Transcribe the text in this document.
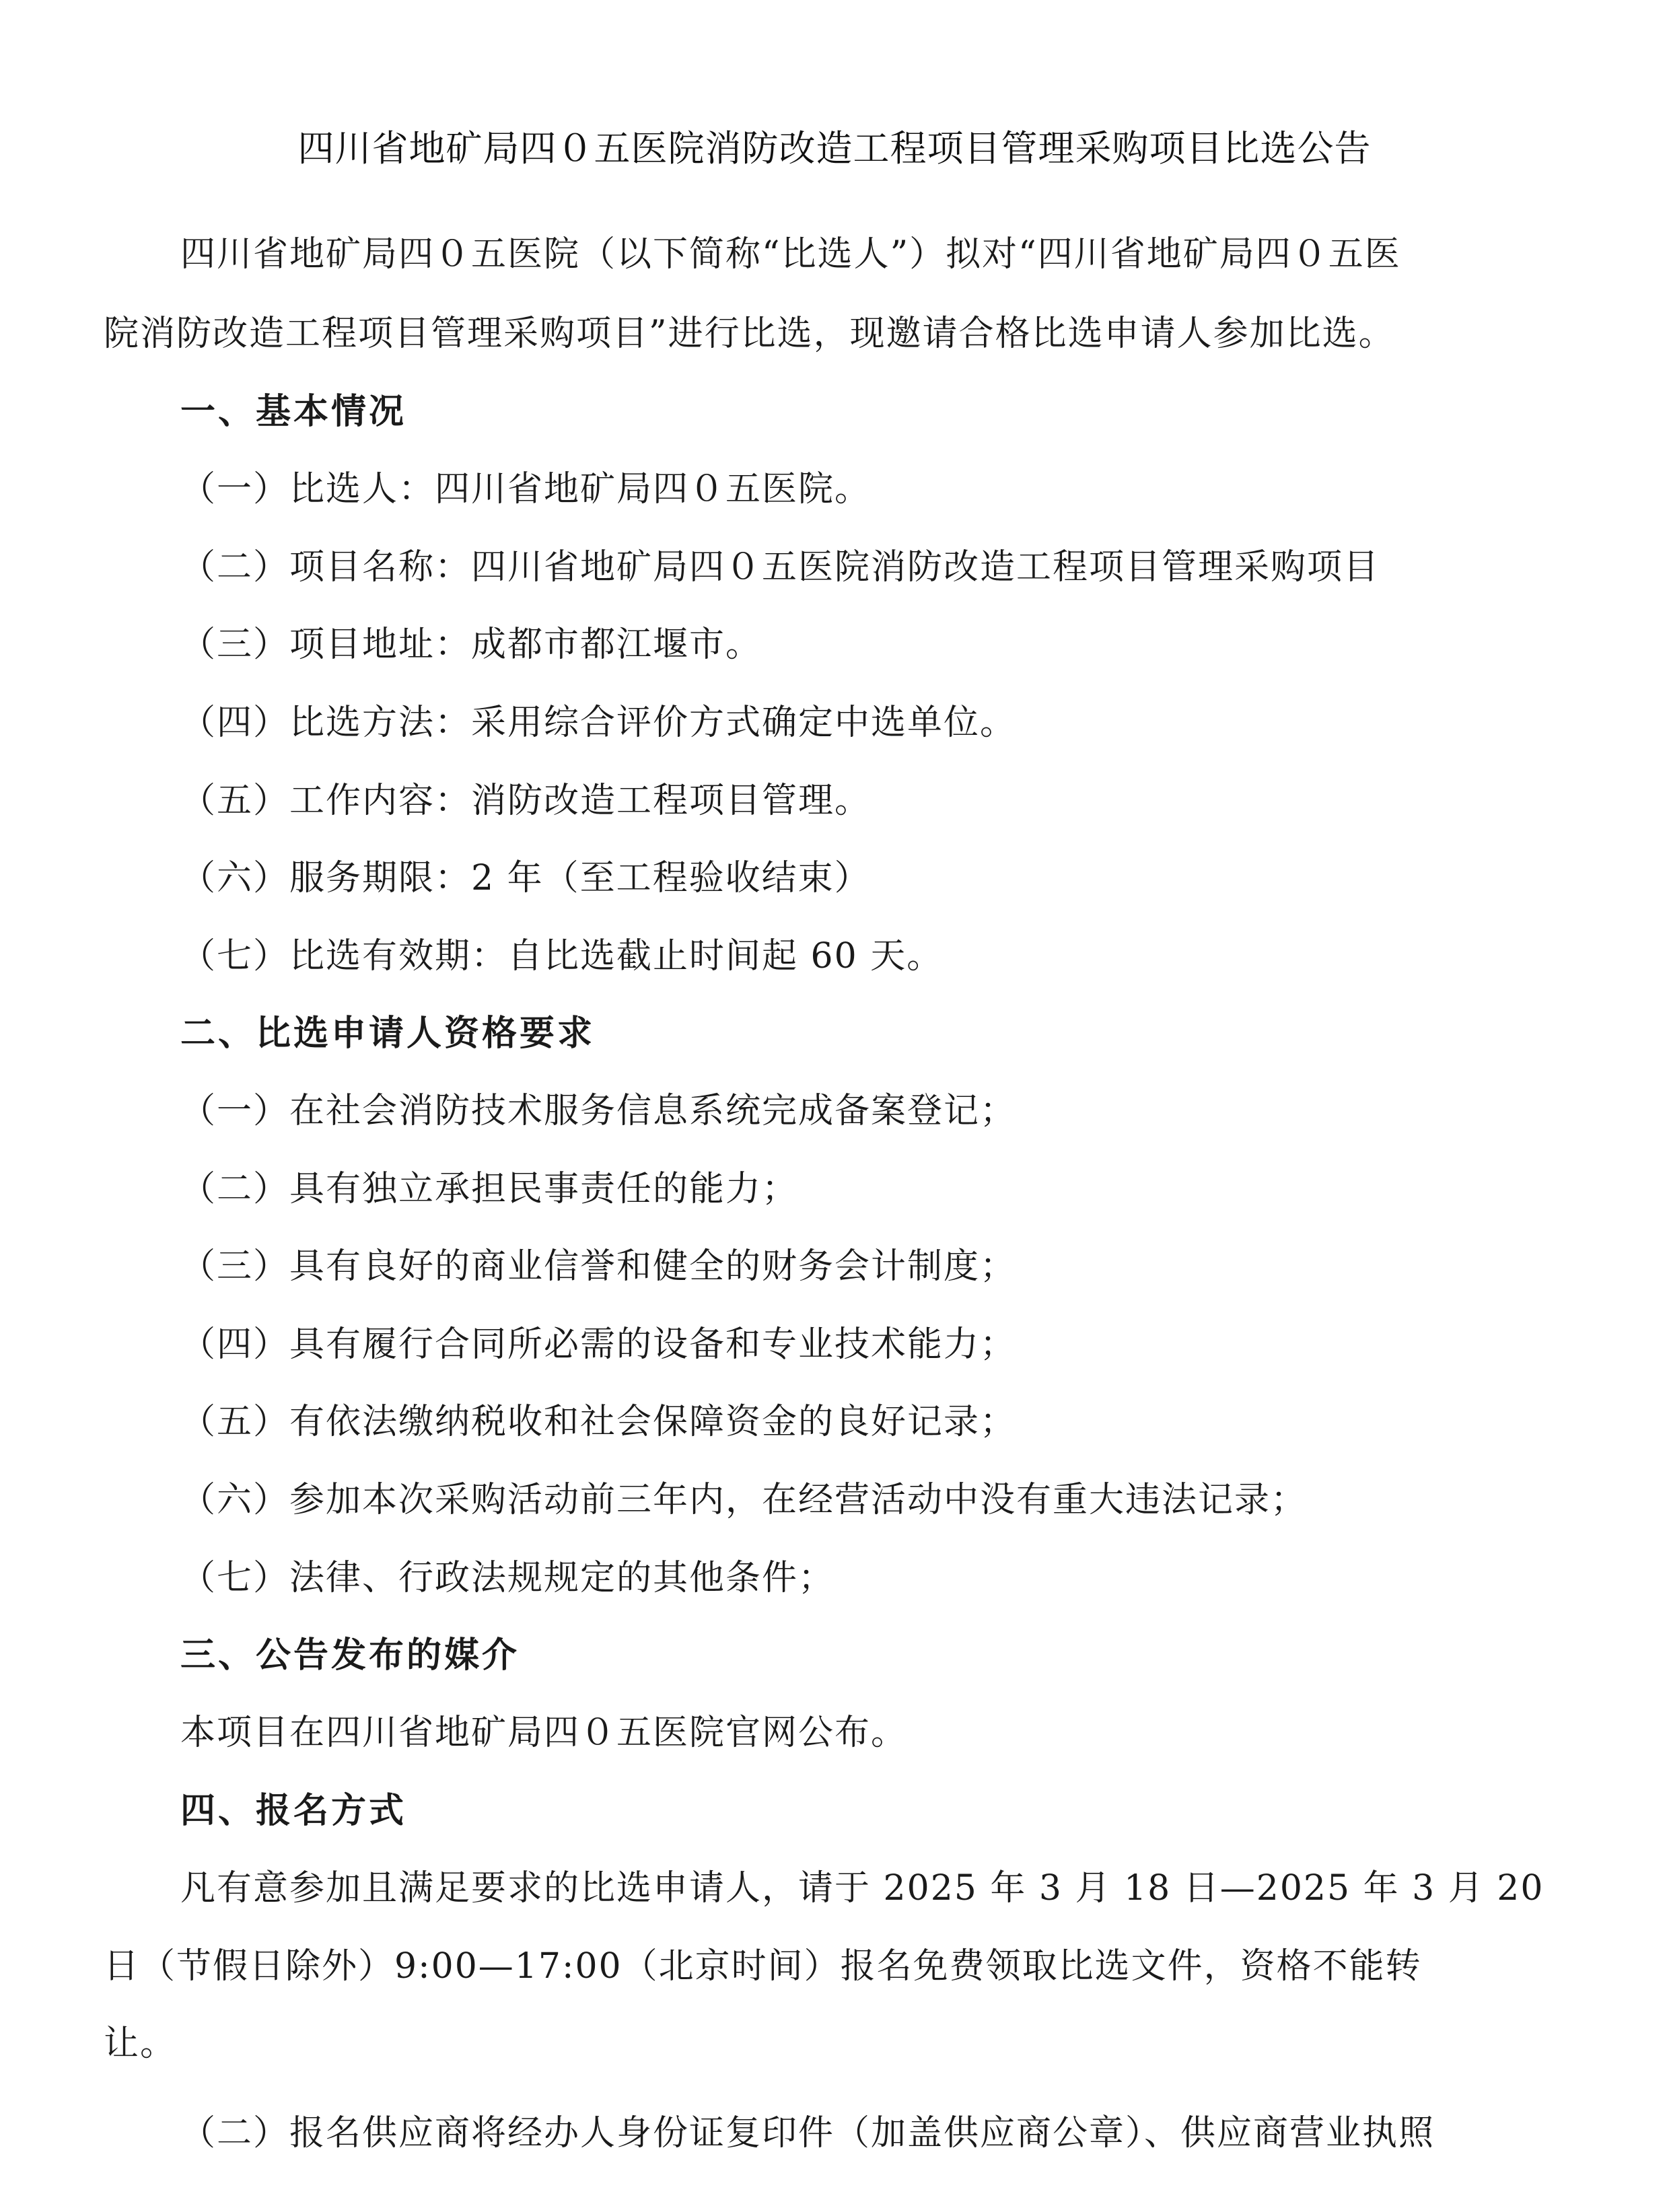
四川省地矿局四０五医院消防改造工程项目管理采购项目比选公告
四川省地矿局四０五医院（以下简称“比选人”）拟对“四川省地矿局四０五医
院消防改造工程项目管理采购项目”进行比选，现邀请合格比选申请人参加比选。
一、基本情况
（一）比选人：四川省地矿局四０五医院。
（二）项目名称：四川省地矿局四０五医院消防改造工程项目管理采购项目
（三）项目地址：成都市都江堰市。
（四）比选方法：采用综合评价方式确定中选单位。
（五）工作内容：消防改造工程项目管理。
（六）服务期限：2 年（至工程验收结束）
（七）比选有效期：自比选截止时间起 60 天。
二、比选申请人资格要求
（一）在社会消防技术服务信息系统完成备案登记；
（二）具有独立承担民事责任的能力；
（三）具有良好的商业信誉和健全的财务会计制度；
（四）具有履行合同所必需的设备和专业技术能力；
（五）有依法缴纳税收和社会保障资金的良好记录；
（六）参加本次采购活动前三年内，在经营活动中没有重大违法记录；
（七）法律、行政法规规定的其他条件；
三、公告发布的媒介
本项目在四川省地矿局四０五医院官网公布。
四、报名方式
凡有意参加且满足要求的比选申请人，请于 2025 年 3 月 18 日—2025 年 3 月 20
日（节假日除外）9:00—17:00（北京时间）报名免费领取比选文件，资格不能转
让。
（二）报名供应商将经办人身份证复印件（加盖供应商公章）、供应商营业执照
